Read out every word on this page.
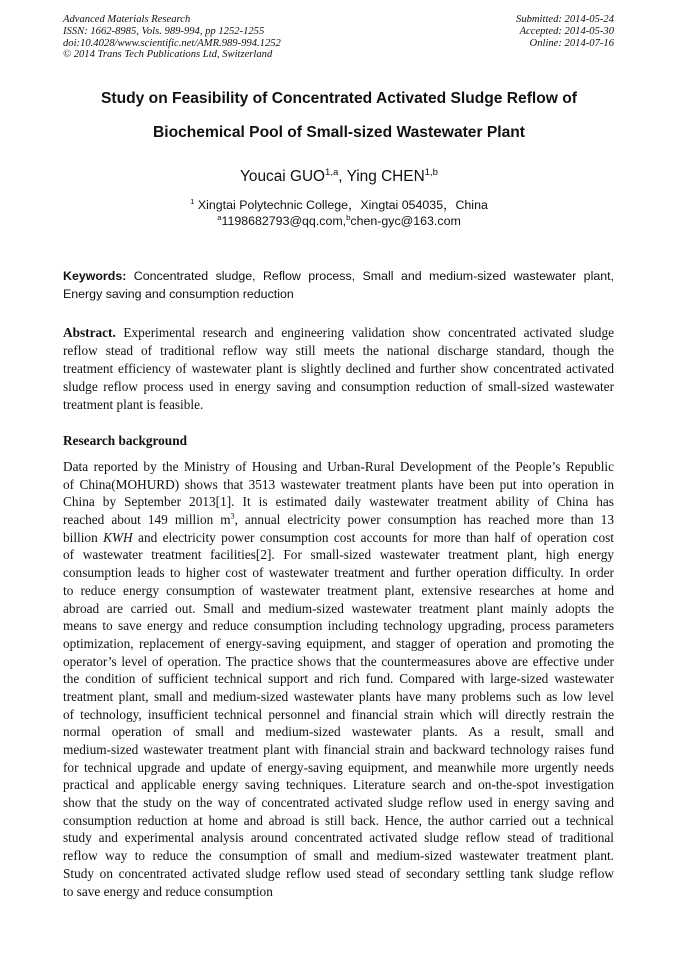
Advanced Materials Research
ISSN: 1662-8985, Vols. 989-994, pp 1252-1255
doi:10.4028/www.scientific.net/AMR.989-994.1252
© 2014 Trans Tech Publications Ltd, Switzerland
Submitted: 2014-05-24
Accepted: 2014-05-30
Online: 2014-07-16
Study on Feasibility of Concentrated Activated Sludge Reflow of
Biochemical Pool of Small-sized Wastewater Plant
Youcai GUO$^{1,a}$, Ying CHEN$^{1,b}$
$^1$ Xingtai Polytechnic College，Xingtai 054035，China
$^a$1198682793@qq.com,$^b$chen-gyc@163.com
Keywords: Concentrated sludge, Reflow process, Small and medium-sized wastewater plant, Energy saving and consumption reduction
Abstract. Experimental research and engineering validation show concentrated activated sludge
reflow stead of traditional reflow way still meets the national discharge standard, though the
treatment efficiency of wastewater plant is slightly declined and further show concentrated activated
sludge reflow process used in energy saving and consumption reduction of small-sized wastewater
treatment plant is feasible.
Research background
Data reported by the Ministry of Housing and Urban-Rural Development of the People’s Republic
of China(MOHURD) shows that 3513 wastewater treatment plants have been put into operation in
China by September 2013[1]. It is estimated daily wastewater treatment ability of China has
reached about 149 million $m^3$, annual electricity power consumption has reached more than 13
billion KWH and electricity power consumption cost accounts for more than half of operation cost
of wastewater treatment facilities[2]. For small-sized wastewater treatment plant, high energy
consumption leads to higher cost of wastewater treatment and further operation difficulty. In order
to reduce energy consumption of wastewater treatment plant, extensive researches at home and
abroad are carried out. Small and medium-sized wastewater treatment plant mainly adopts the
means to save energy and reduce consumption including technology upgrading, process parameters
optimization, replacement of energy-saving equipment, and stagger of operation and promoting the
operator’s level of operation. The practice shows that the countermeasures above are effective under
the condition of sufficient technical support and rich fund. Compared with large-sized wastewater
treatment plant, small and medium-sized wastewater plants have many problems such as low level
of technology, insufficient technical personnel and financial strain which will directly restrain the
normal operation of small and medium-sized wastewater plants. As a result, small and
medium-sized wastewater treatment plant with financial strain and backward technology raises fund
for technical upgrade and update of energy-saving equipment, and meanwhile more urgently needs
practical and applicable energy saving techniques. Literature search and on-the-spot investigation
show that the study on the way of concentrated activated sludge reflow used in energy saving and
consumption reduction at home and abroad is still back. Hence, the author carried out a technical
study and experimental analysis around concentrated activated sludge reflow stead of traditional
reflow way to reduce the consumption of small and medium-sized wastewater treatment plant.
Study on concentrated activated sludge reflow used stead of secondary settling tank sludge reflow
to save energy and reduce consumption
